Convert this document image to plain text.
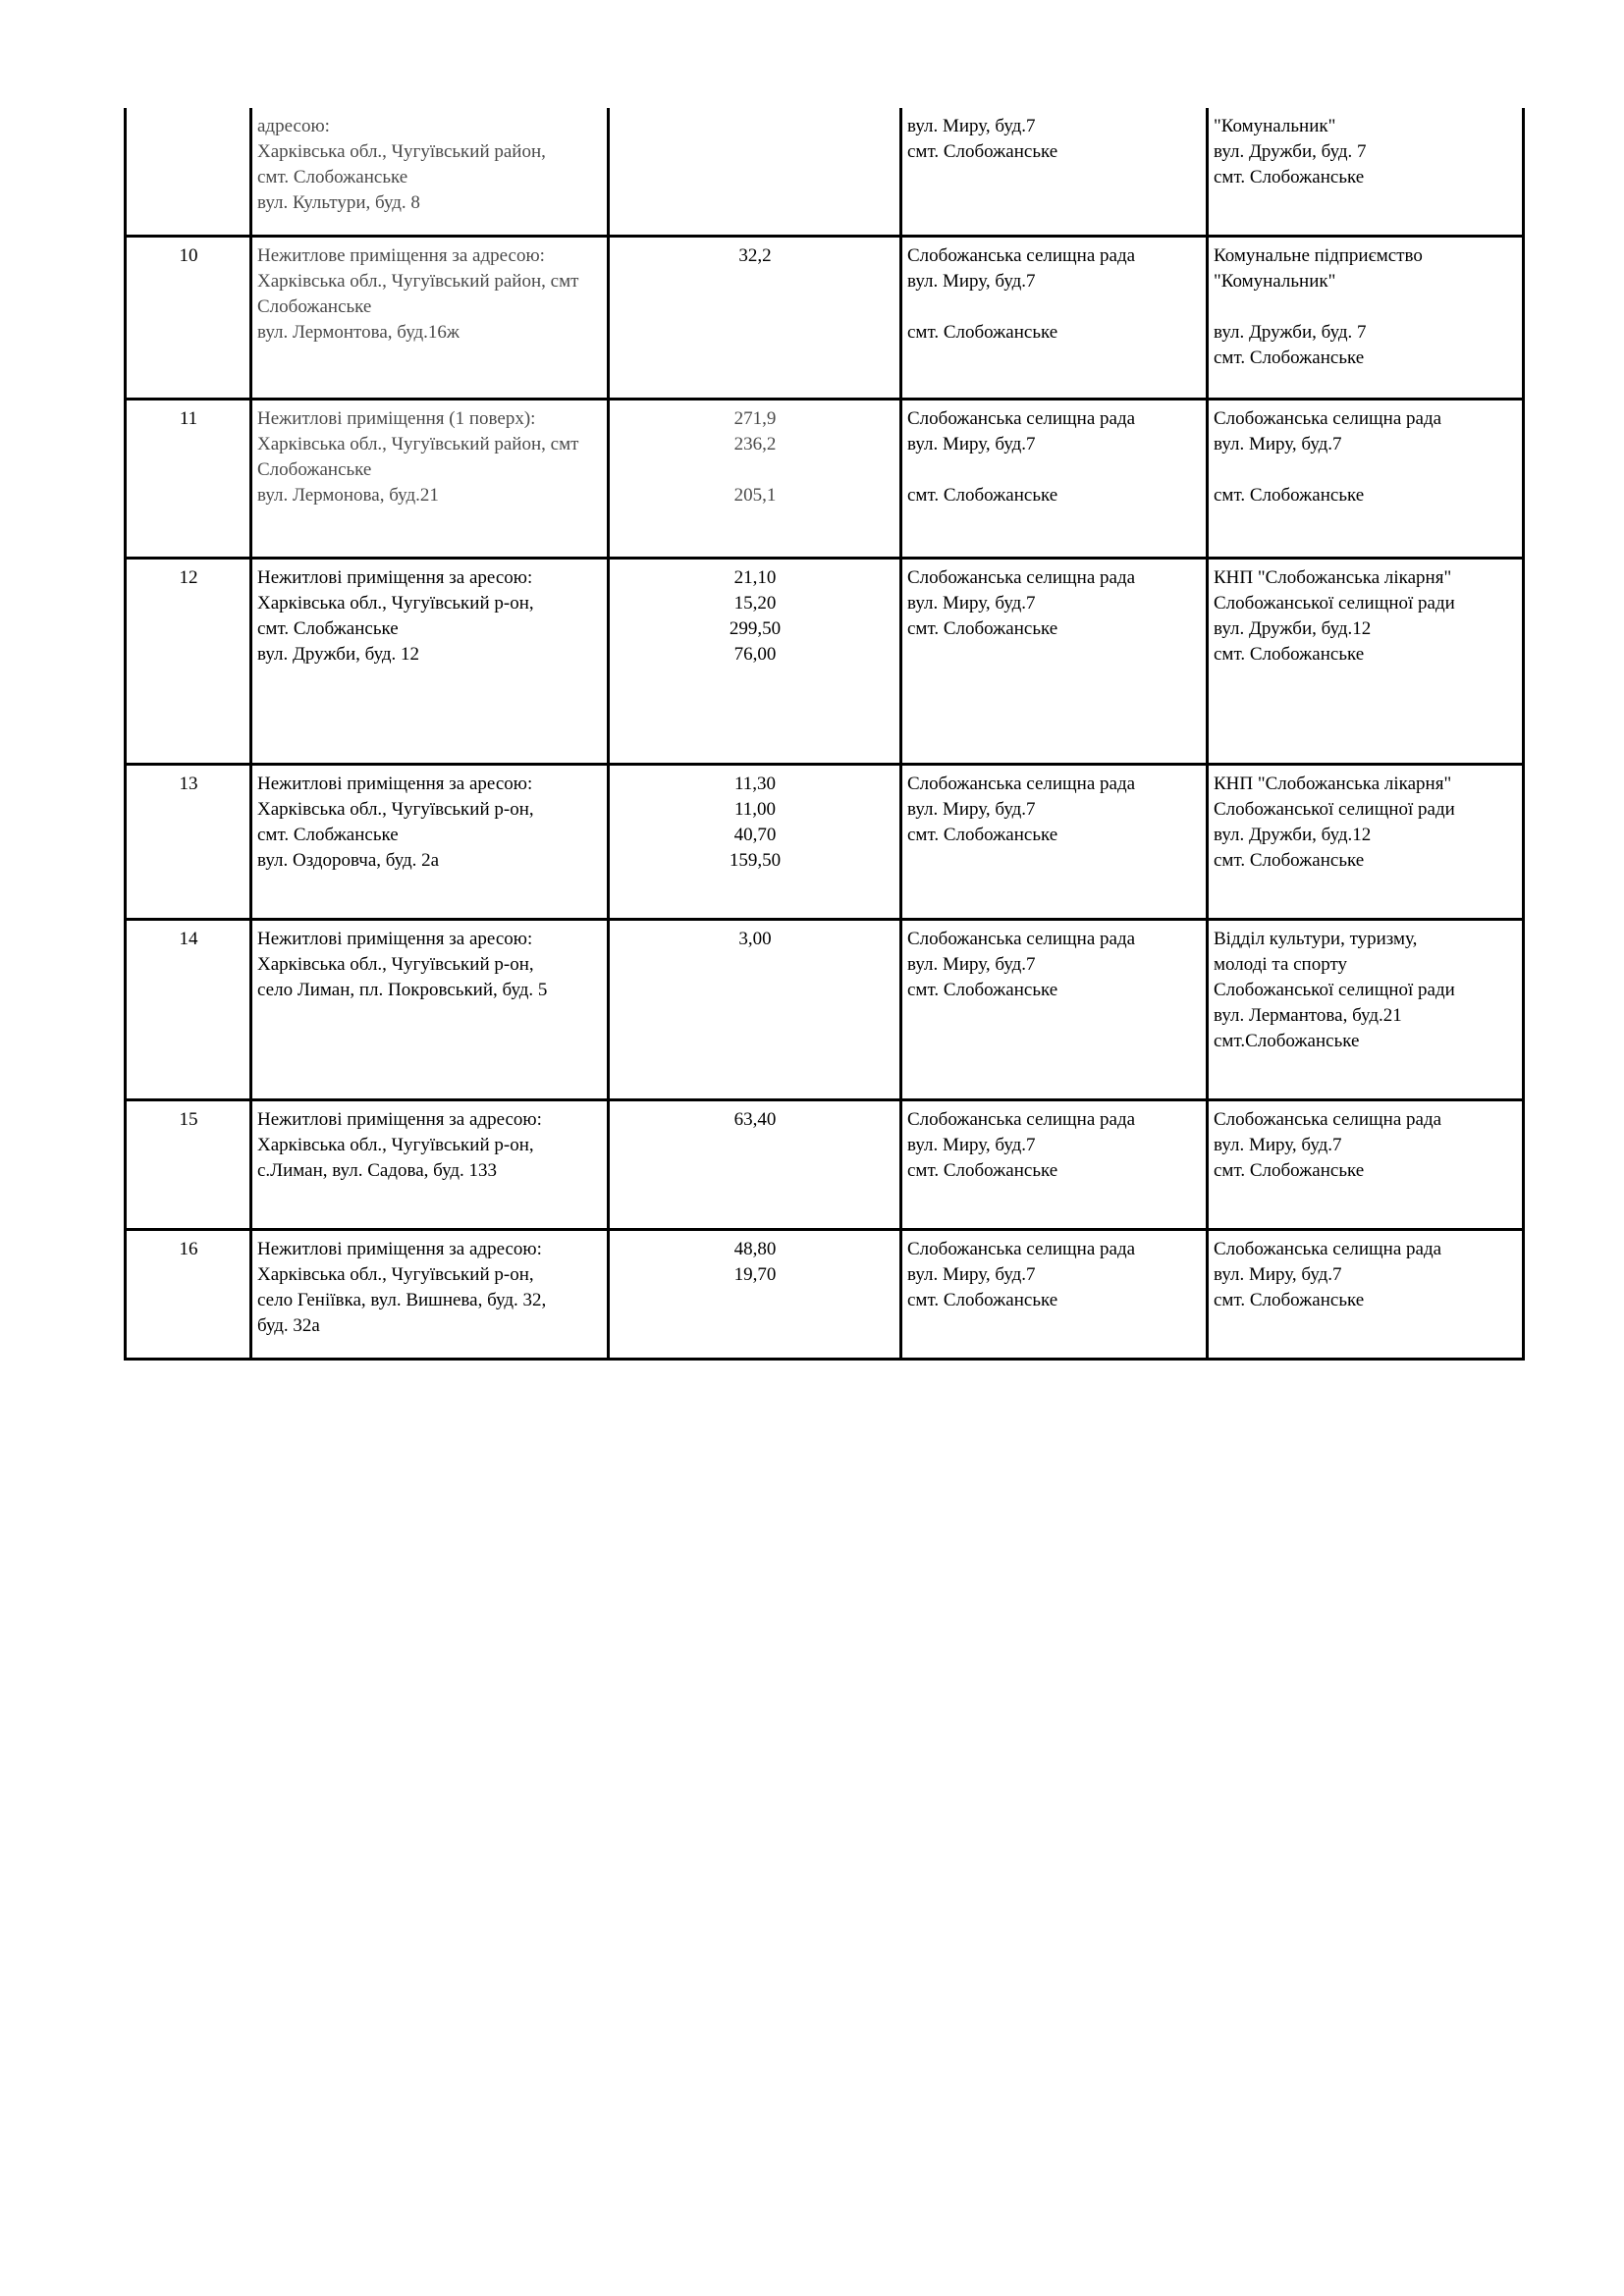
	адресою:
Харківська обл., Чугуївський район,
смт. Слобожанське
вул. Культури, буд. 8		вул. Миру, буд.7
смт. Слобожанське	"Комунальник"
вул. Дружби, буд. 7
смт. Слобожанське

10	Нежитлове приміщення за адресою:
Харківська обл., Чугуївський район, смт
Слобожанське
вул. Лермонтова, буд.16ж	32,2	Слобожанська селищна рада
вул. Миру, буд.7
смт. Слобожанське	Комунальне підприємство
"Комунальник"
вул. Дружби, буд. 7
смт. Слобожанське

11	Нежитлові приміщення (1 поверх):
Харківська обл., Чугуївський район, смт
Слобожанське
вул. Лермонова, буд.21	271,9
236,2
205,1	Слобожанська селищна рада
вул. Миру, буд.7
смт. Слобожанське	Слобожанська селищна рада
вул. Миру, буд.7
смт. Слобожанське

12	Нежитлові приміщення за аресою:
Харківська обл., Чугуївський р-он,
смт. Слобжанське
вул. Дружби, буд. 12	21,10
15,20
299,50
76,00	Слобожанська селищна рада
вул. Миру, буд.7
смт. Слобожанське	КНП "Слобожанська лікарня"
Слобожанської селищної ради
вул. Дружби, буд.12
смт. Слобожанське

13	Нежитлові приміщення за аресою:
Харківська обл., Чугуївський р-он,
смт. Слобжанське
вул. Оздоровча, буд. 2а	11,30
11,00
40,70
159,50	Слобожанська селищна рада
вул. Миру, буд.7
смт. Слобожанське	КНП "Слобожанська лікарня"
Слобожанської селищної ради
вул. Дружби, буд.12
смт. Слобожанське

14	Нежитлові приміщення за аресою:
Харківська обл., Чугуївський р-он,
село Лиман, пл. Покровський, буд. 5	3,00	Слобожанська селищна рада
вул. Миру, буд.7
смт. Слобожанське	Відділ культури, туризму,
молоді та спорту
Слобожанської селищної ради
вул. Лермантова, буд.21
смт.Слобожанське

15	Нежитлові приміщення за адресою:
Харківська обл., Чугуївський р-он,
с.Лиман, вул. Садова, буд. 133	63,40	Слобожанська селищна рада
вул. Миру, буд.7
смт. Слобожанське	Слобожанська селищна рада
вул. Миру, буд.7
смт. Слобожанське

16	Нежитлові приміщення за адресою:
Харківська обл., Чугуївський р-он,
село Геніївка, вул. Вишнева, буд. 32,
буд. 32а	48,80
19,70	Слобожанська селищна рада
вул. Миру, буд.7
смт. Слобожанське	Слобожанська селищна рада
вул. Миру, буд.7
смт. Слобожанське
